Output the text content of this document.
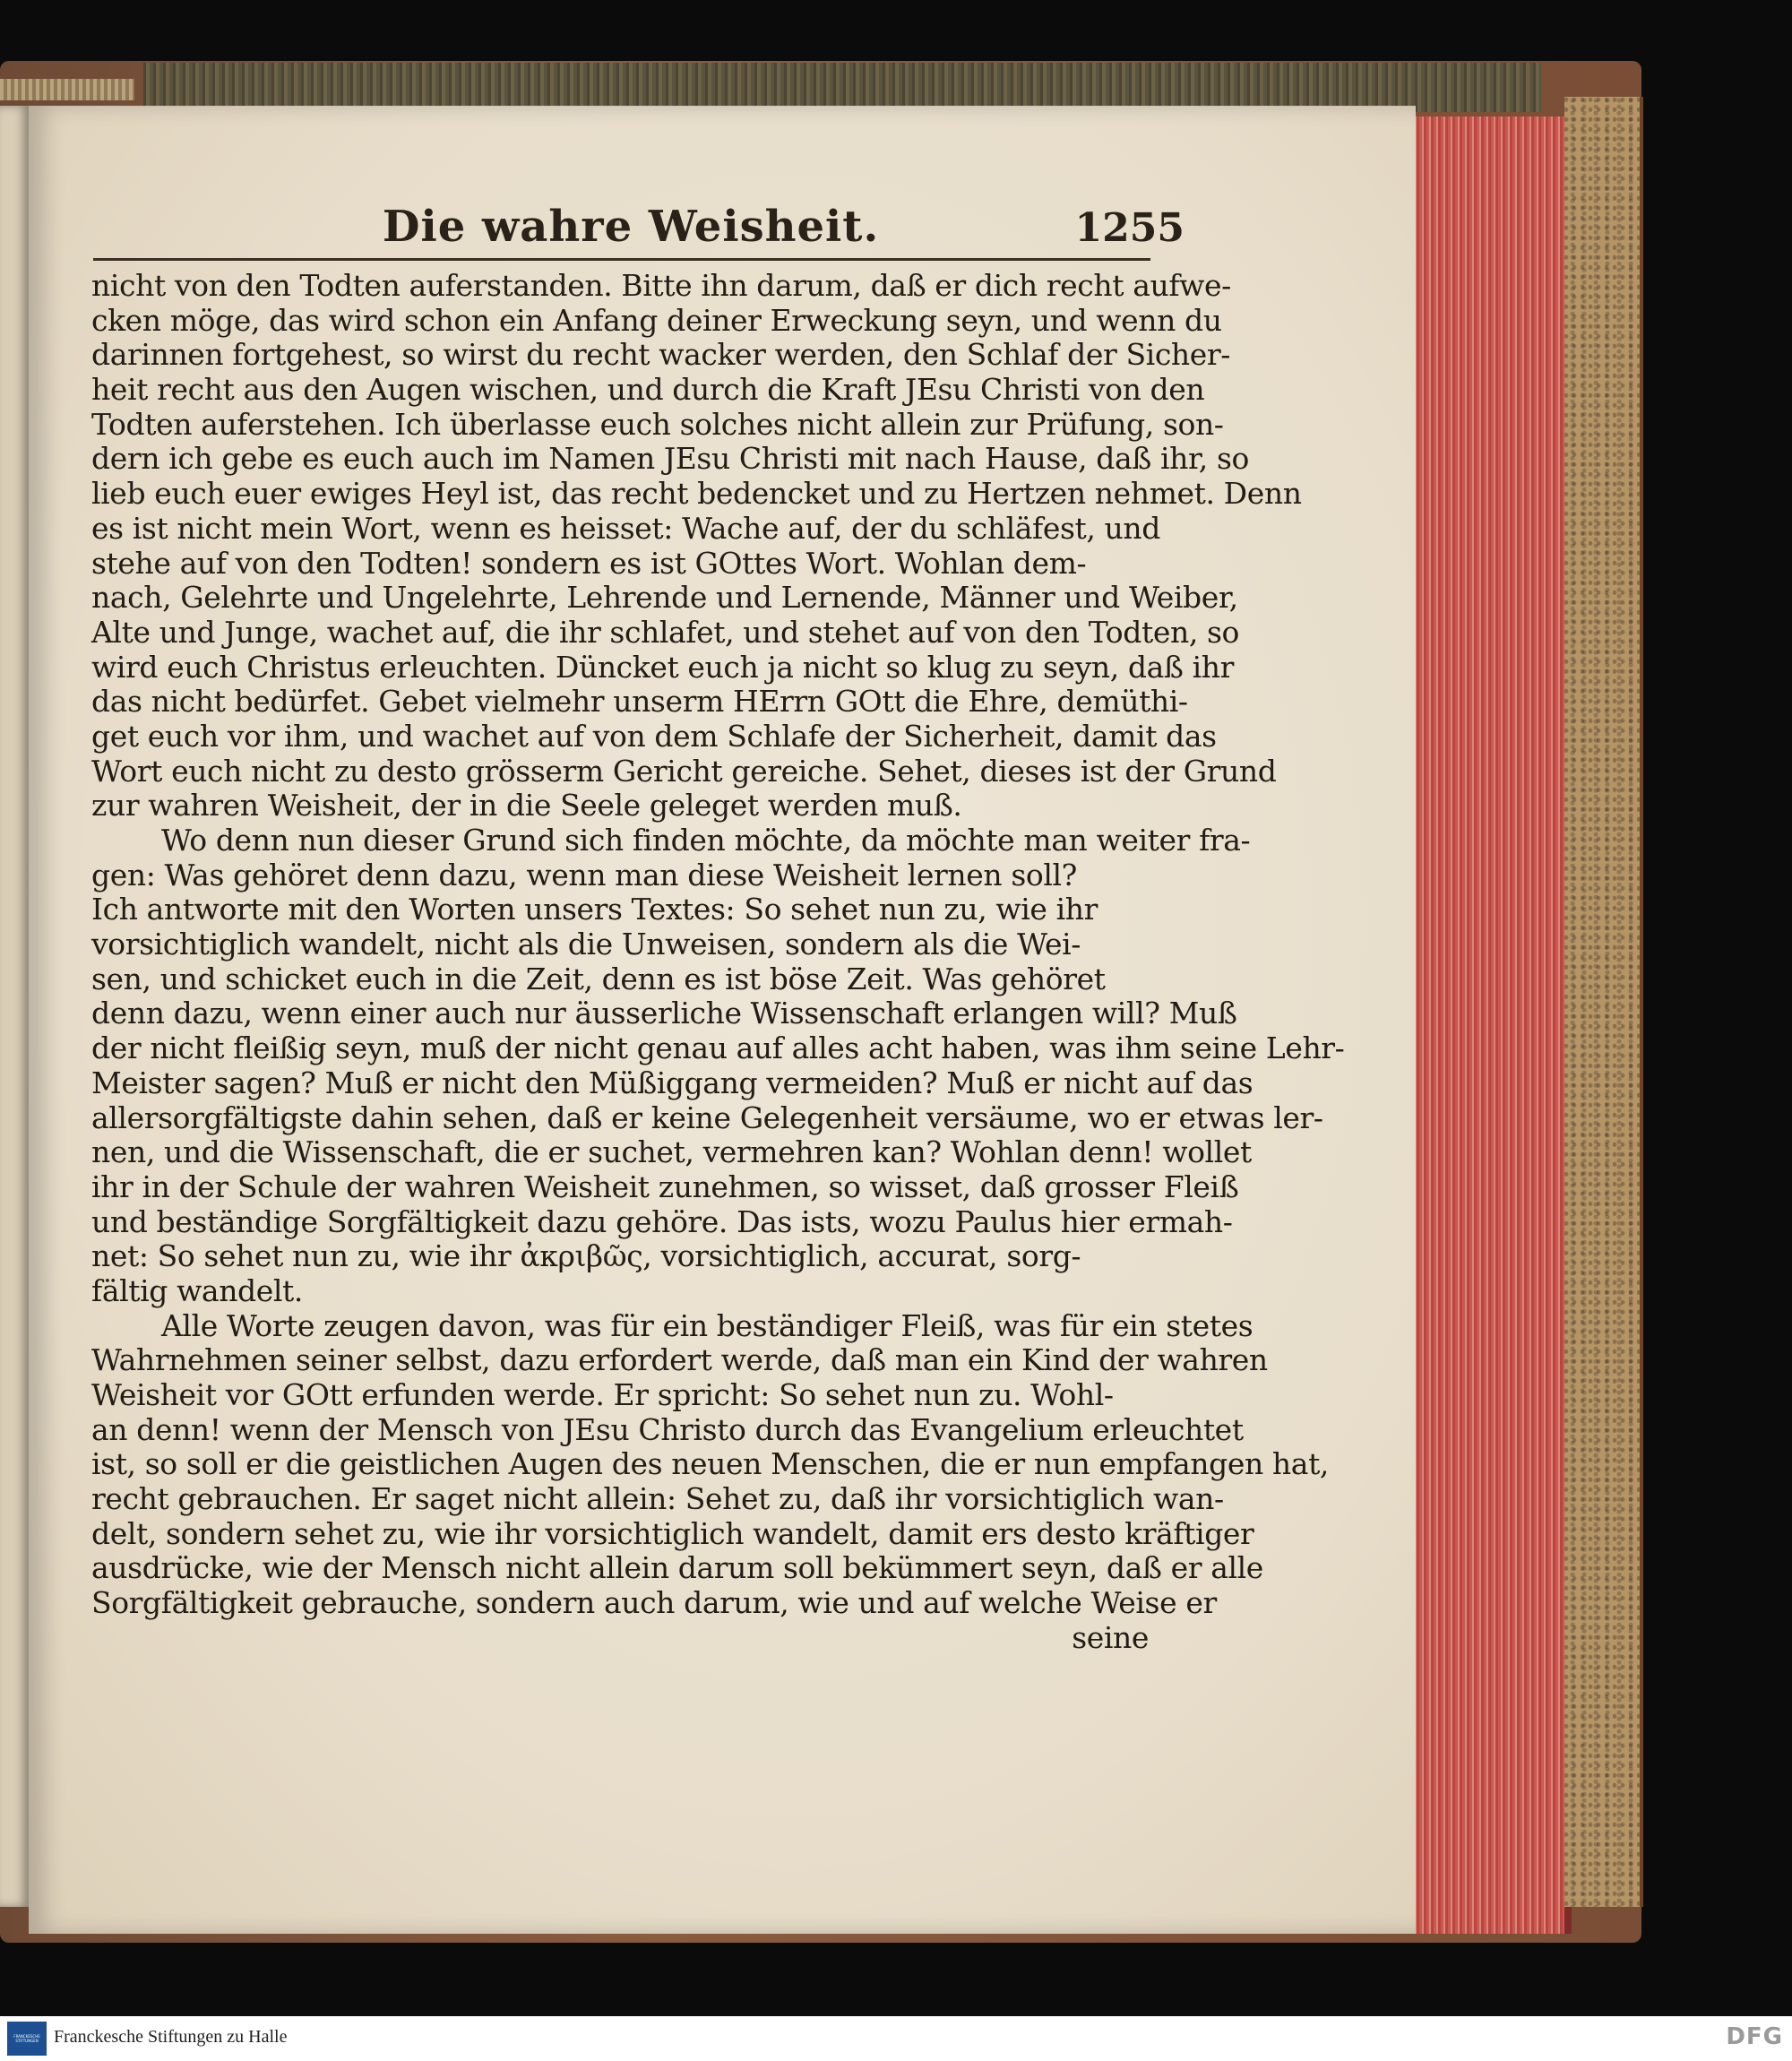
Die wahre Weisheit.	1255
nicht von den Todten auferstanden. Bitte ihn darum, daß er dich recht aufwe-
cken möge, das wird schon ein Anfang deiner Erweckung seyn, und wenn du
darinnen fortgehest, so wirst du recht wacker werden, den Schlaf der Sicher-
heit recht aus den Augen wischen, und durch die Kraft JEsu Christi von den
Todten auferstehen. Ich überlasse euch solches nicht allein zur Prüfung, son-
dern ich gebe es euch auch im Namen JEsu Christi mit nach Hause, daß ihr, so
lieb euch euer ewiges Heyl ist, das recht bedencket und zu Hertzen nehmet. Denn
es ist nicht mein Wort, wenn es heisset: Wache auf, der du schläfest, und
stehe auf von den Todten! sondern es ist GOttes Wort. Wohlan dem-
nach, Gelehrte und Ungelehrte, Lehrende und Lernende, Männer und Weiber,
Alte und Junge, wachet auf, die ihr schlafet, und stehet auf von den Todten, so
wird euch Christus erleuchten. Düncket euch ja nicht so klug zu seyn, daß ihr
das nicht bedürfet. Gebet vielmehr unserm HErrn GOtt die Ehre, demüthi-
get euch vor ihm, und wachet auf von dem Schlafe der Sicherheit, damit das
Wort euch nicht zu desto grösserm Gericht gereiche. Sehet, dieses ist der Grund
zur wahren Weisheit, der in die Seele geleget werden muß.
Wo denn nun dieser Grund sich finden möchte, da möchte man weiter fra-
gen: Was gehöret denn dazu, wenn man diese Weisheit lernen soll?
Ich antworte mit den Worten unsers Textes: So sehet nun zu, wie ihr
vorsichtiglich wandelt, nicht als die Unweisen, sondern als die Wei-
sen, und schicket euch in die Zeit, denn es ist böse Zeit. Was gehöret
denn dazu, wenn einer auch nur äusserliche Wissenschaft erlangen will? Muß
der nicht fleißig seyn, muß der nicht genau auf alles acht haben, was ihm seine Lehr-
Meister sagen? Muß er nicht den Müßiggang vermeiden? Muß er nicht auf das
allersorgfältigste dahin sehen, daß er keine Gelegenheit versäume, wo er etwas ler-
nen, und die Wissenschaft, die er suchet, vermehren kan? Wohlan denn! wollet
ihr in der Schule der wahren Weisheit zunehmen, so wisset, daß grosser Fleiß
und beständige Sorgfältigkeit dazu gehöre. Das ists, wozu Paulus hier ermah-
net: So sehet nun zu, wie ihr ἀκριβῶς, vorsichtiglich, accurat, sorg-
fältig wandelt.
Alle Worte zeugen davon, was für ein beständiger Fleiß, was für ein stetes
Wahrnehmen seiner selbst, dazu erfordert werde, daß man ein Kind der wahren
Weisheit vor GOtt erfunden werde. Er spricht: So sehet nun zu. Wohl-
an denn! wenn der Mensch von JEsu Christo durch das Evangelium erleuchtet
ist, so soll er die geistlichen Augen des neuen Menschen, die er nun empfangen hat,
recht gebrauchen. Er saget nicht allein: Sehet zu, daß ihr vorsichtiglich wan-
delt, sondern sehet zu, wie ihr vorsichtiglich wandelt, damit ers desto kräftiger
ausdrücke, wie der Mensch nicht allein darum soll bekümmert seyn, daß er alle
Sorgfältigkeit gebrauche, sondern auch darum, wie und auf welche Weise er
seine
FRANCKESCHE STIFTUNGEN Franckesche Stiftungen zu Halle	DFG
